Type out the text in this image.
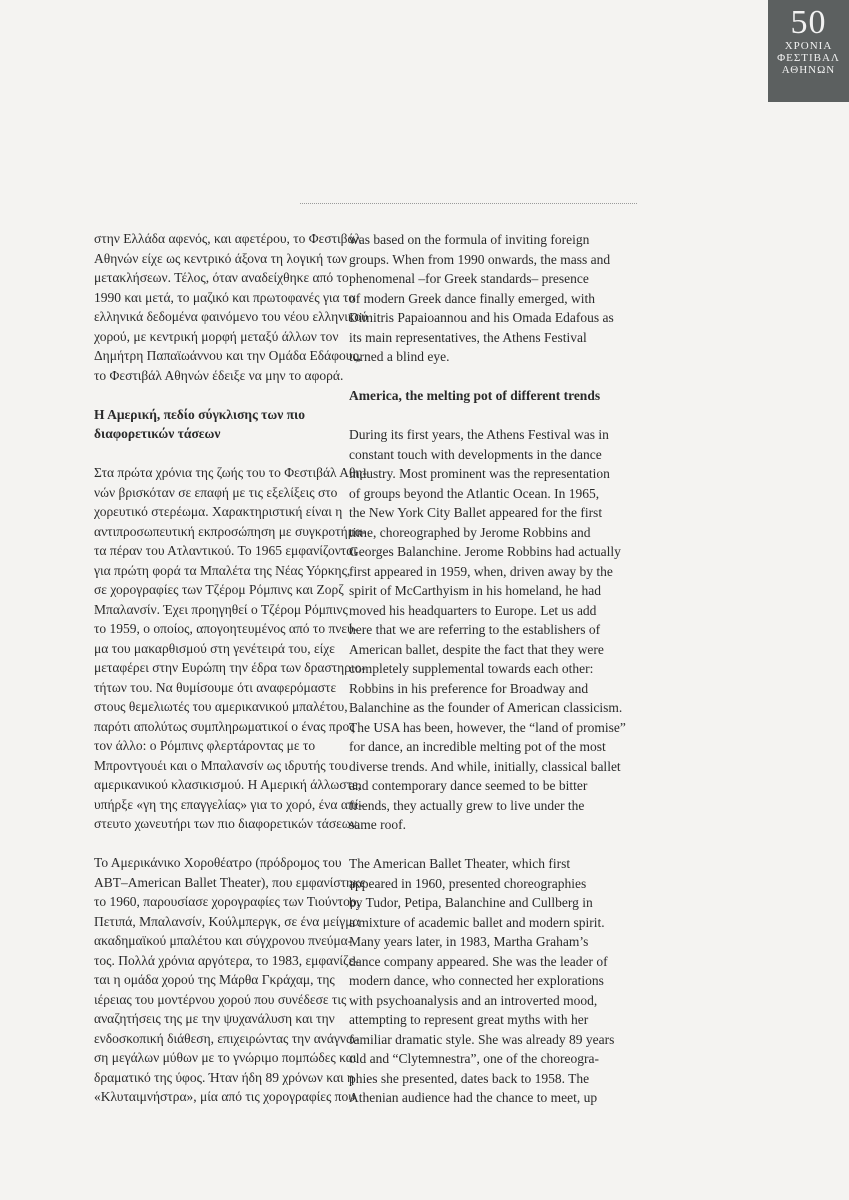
50
ΧΡΟΝΙΑ
ΦΕΣΤΙΒΑΛ
ΑΘΗΝΩΝ

στην Ελλάδα αφενός, και αφετέρου, το Φεστιβάλ
Αθηνών είχε ως κεντρικό άξονα τη λογική των
μετακλήσεων. Τέλος, όταν αναδείχθηκε από το
1990 και μετά, το μαζικό και πρωτοφανές για τα
ελληνικά δεδομένα φαινόμενο του νέου ελληνικού
χορού, με κεντρική μορφή μεταξύ άλλων τον
Δημήτρη Παπαϊωάννου και την Ομάδα Εδάφους,
το Φεστιβάλ Αθηνών έδειξε να μην το αφορά.

Η Αμερική, πεδίο σύγκλισης των πιο
διαφορετικών τάσεων

Στα πρώτα χρόνια της ζωής του το Φεστιβάλ Αθη-
νών βρισκόταν σε επαφή με τις εξελίξεις στο
χορευτικό στερέωμα. Χαρακτηριστική είναι η
αντιπροσωπευτική εκπροσώπηση με συγκροτήμα-
τα πέραν του Ατλαντικού. Το 1965 εμφανίζονται
για πρώτη φορά τα Μπαλέτα της Νέας Υόρκης,
σε χορογραφίες των Τζέρομ Ρόμπινς και Ζορζ
Μπαλανσίν. Έχει προηγηθεί ο Τζέρομ Ρόμπινς
το 1959, ο οποίος, απογοητευμένος από το πνεύ-
μα του μακαρθισμού στη γενέτειρά του, είχε
μεταφέρει στην Ευρώπη την έδρα των δραστηριο-
τήτων του. Να θυμίσουμε ότι αναφερόμαστε
στους θεμελιωτές του αμερικανικού μπαλέτου,
παρότι απολύτως συμπληρωματικοί ο ένας προς
τον άλλο: ο Ρόμπινς φλερτάροντας με το
Μπρoντγουέι και ο Μπαλανσίν ως ιδρυτής του
αμερικανικού κλασικισμού. Η Αμερική άλλωστε,
υπήρξε «γη της επαγγελίας» για το χορό, ένα απί-
στευτο χωνευτήρι των πιο διαφορετικών τάσεων.

Το Αμερικάνικο Χοροθέατρο (πρόδρομος του
ABT–American Ballet Theater), που εμφανίστηκε
το 1960, παρουσίασε χορογραφίες των Τιούντορ,
Πετιπά, Μπαλανσίν, Κούλμπεργκ, σε ένα μείγμα
ακαδημαϊκού μπαλέτου και σύγχρονου πνεύμα-
τος. Πολλά χρόνια αργότερα, το 1983, εμφανίζε-
ται η ομάδα χορού της Μάρθα Γκράχαμ, της
ιέρειας του μοντέρνου χορού που συνέδεσε τις
αναζητήσεις της με την ψυχανάλυση και την
ενδοσκοπική διάθεση, επιχειρώντας την ανάγνω-
ση μεγάλων μύθων με το γνώριμο πομπώδες και
δραματικό της ύφος. Ήταν ήδη 89 χρόνων και η
«Κλυταιμνήστρα», μία από τις χορογραφίες που

was based on the formula of inviting foreign
groups. When from 1990 onwards, the mass and
phenomenal –for Greek standards– presence
of modern Greek dance finally emerged, with
Dimitris Papaioannou and his Omada Edafous as
its main representatives, the Athens Festival
turned a blind eye.

America, the melting pot of different trends

During its first years, the Athens Festival was in
constant touch with developments in the dance
industry. Most prominent was the representation
of groups beyond the Atlantic Ocean. In 1965,
the New York City Ballet appeared for the first
time, choreographed by Jerome Robbins and
Georges Balanchine. Jerome Robbins had actually
first appeared in 1959, when, driven away by the
spirit of McCarthyism in his homeland, he had
moved his headquarters to Europe. Let us add
here that we are referring to the establishers of
American ballet, despite the fact that they were
completely supplemental towards each other:
Robbins in his preference for Broadway and
Balanchine as the founder of American classicism.
The USA has been, however, the “land of promise”
for dance, an incredible melting pot of the most
diverse trends. And while, initially, classical ballet
and contemporary dance seemed to be bitter
friends, they actually grew to live under the
same roof.

The American Ballet Theater, which first
appeared in 1960, presented choreographies
by Tudor, Petipa, Balanchine and Cullberg in
a mixture of academic ballet and modern spirit.
Many years later, in 1983, Martha Graham’s
dance company appeared. She was the leader of
modern dance, who connected her explorations
with psychoanalysis and an introverted mood,
attempting to represent great myths with her
familiar dramatic style. She was already 89 years
old and “Clytemnestra”, one of the choreogra-
phies she presented, dates back to 1958. The
Athenian audience had the chance to meet, up
